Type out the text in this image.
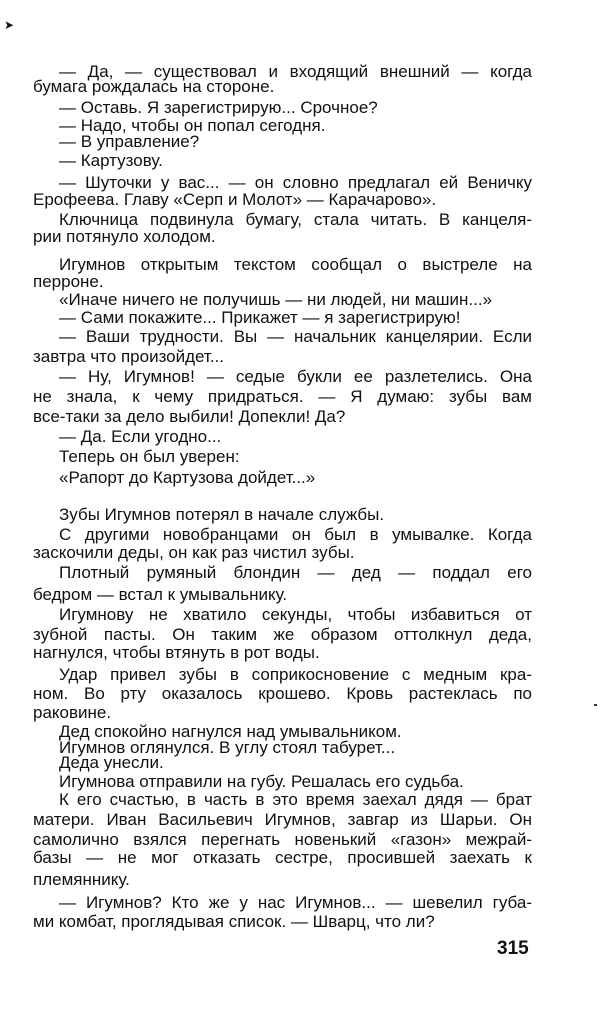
➤
— Да, — существовал и входящий внешний — когда
бумага рождалась на стороне.
— Оставь. Я зарегистрирую... Срочное?
— Надо, чтобы он попал сегодня.
— В управление?
— Картузову.
— Шуточки у вас... — он словно предлагал ей Веничку
Ерофеева. Главу «Серп и Молот» — Карачарово».
Ключница подвинула бумагу, стала читать. В канцеля-
рии потянуло холодом.
Игумнов открытым текстом сообщал о выстреле на
перроне.
«Иначе ничего не получишь — ни людей, ни машин...»
— Сами покажите... Прикажет — я зарегистрирую!
— Ваши трудности. Вы — начальник канцелярии. Если
завтра что произойдет...
— Ну, Игумнов! — седые букли ее разлетелись. Она
не знала, к чему придраться. — Я думаю: зубы вам
все-таки за дело выбили! Допекли! Да?
— Да. Если угодно...
Теперь он был уверен:
«Рапорт до Картузова дойдет...»
Зубы Игумнов потерял в начале службы.
С другими новобранцами он был в умывалке. Когда
заскочили деды, он как раз чистил зубы.
Плотный румяный блондин — дед — поддал его
бедром — встал к умывальнику.
Игумнову не хватило секунды, чтобы избавиться от
зубной пасты. Он таким же образом оттолкнул деда,
нагнулся, чтобы втянуть в рот воды.
Удар привел зубы в соприкосновение с медным кра-
ном. Во рту оказалось крошево. Кровь растеклась по
раковине.
Дед спокойно нагнулся над умывальником.
Игумнов оглянулся. В углу стоял табурет...
Деда унесли.
Игумнова отправили на губу. Решалась его судьба.
К его счастью, в часть в это время заехал дядя — брат
матери. Иван Васильевич Игумнов, завгар из Шарьи. Он
самолично взялся перегнать новенький «газон» межрай-
базы — не мог отказать сестре, просившей заехать к
племяннику.
— Игумнов? Кто же у нас Игумнов... — шевелил губа-
ми комбат, проглядывая список. — Шварц, что ли?
315
